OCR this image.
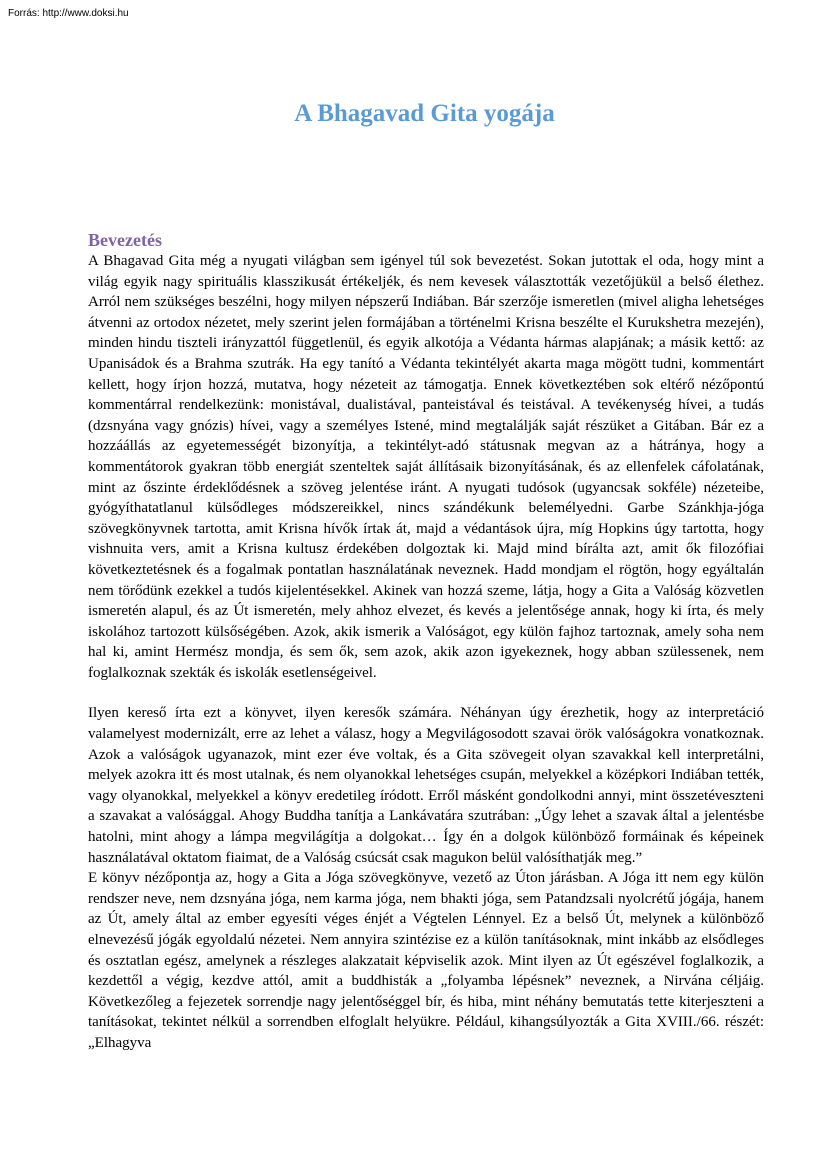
Forrás: http://www.doksi.hu
A Bhagavad Gita yogája
Bevezetés

A Bhagavad Gita még a nyugati világban sem igényel túl sok bevezetést. Sokan jutottak el oda, hogy mint a világ egyik nagy spirituális klasszikusát értékeljék, és nem kevesek választották vezetőjükül a belső élethez. Arról nem szükséges beszélni, hogy milyen népszerű Indiában. Bár szerzője ismeretlen (mivel aligha lehetséges átvenni az ortodox nézetet, mely szerint jelen formájában a történelmi Krisna beszélte el Kurukshetra mezején), minden hindu tiszteli irányzattól függetlenül, és egyik alkotója a Védanta hármas alapjának; a másik kettő: az Upanisádok és a Brahma szutrák. Ha egy tanító a Védanta tekintélyét akarta maga mögött tudni, kommentárt kellett, hogy írjon hozzá, mutatva, hogy nézeteit az támogatja. Ennek következtében sok eltérő nézőpontú kommentárral rendelkezünk: monistával, dualistával, panteistával és teistával. A tevékenység hívei, a tudás (dzsnyána vagy gnózis) hívei, vagy a személyes Istené, mind megtalálják saját részüket a Gitában. Bár ez a hozzáállás az egyetemességét bizonyítja, a tekintélyt-adó státusnak megvan az a hátránya, hogy a kommentátorok gyakran több energiát szenteltek saját állításaik bizonyításának, és az ellenfelek cáfolatának, mint az őszinte érdeklődésnek a szöveg jelentése iránt. A nyugati tudósok (ugyancsak sokféle) nézeteibe, gyógyíthatatlanul külsődleges módszereikkel, nincs szándékunk belemélyedni. Garbe Szánkhja-jóga szövegkönyvnek tartotta, amit Krisna hívők írtak át, majd a védantások újra, míg Hopkins úgy tartotta, hogy vishnuita vers, amit a Krisna kultusz érdekében dolgoztak ki. Majd mind bírálta azt, amit ők filozófiai következtetésnek és a fogalmak pontatlan használatának neveznek. Hadd mondjam el rögtön, hogy egyáltalán nem törődünk ezekkel a tudós kijelentésekkel. Akinek van hozzá szeme, látja, hogy a Gita a Valóság közvetlen ismeretén alapul, és az Út ismeretén, mely ahhoz elvezet, és kevés a jelentősége annak, hogy ki írta, és mely iskolához tartozott külsőségében. Azok, akik ismerik a Valóságot, egy külön fajhoz tartoznak, amely soha nem hal ki, amint Hermész mondja, és sem ők, sem azok, akik azon igyekeznek, hogy abban szülessenek, nem foglalkoznak szekták és iskolák esetlenségeivel.

Ilyen kereső írta ezt a könyvet, ilyen keresők számára. Néhányan úgy érezhetik, hogy az interpretáció valamelyest modernizált, erre az lehet a válasz, hogy a Megvilágosodott szavai örök valóságokra vonatkoznak. Azok a valóságok ugyanazok, mint ezer éve voltak, és a Gita szövegeit olyan szavakkal kell interpretálni, melyek azokra itt és most utalnak, és nem olyanokkal lehetséges csupán, melyekkel a középkori Indiában tették, vagy olyanokkal, melyekkel a könyv eredetileg íródott. Erről másként gondolkodni annyi, mint összetéveszteni a szavakat a valósággal. Ahogy Buddha tanítja a Lankávatára szutrában: „Úgy lehet a szavak által a jelentésbe hatolni, mint ahogy a lámpa megvilágítja a dolgokat… Így én a dolgok különböző formáinak és képeinek használatával oktatom fiaimat, de a Valóság csúcsát csak magukon belül valósíthatják meg.”

E könyv nézőpontja az, hogy a Gita a Jóga szövegkönyve, vezető az Úton járásban. A Jóga itt nem egy külön rendszer neve, nem dzsnyána jóga, nem karma jóga, nem bhakti jóga, sem Patandzsali nyolcrétű jógája, hanem az Út, amely által az ember egyesíti véges énjét a Végtelen Lénnyel. Ez a belső Út, melynek a különböző elnevezésű jógák egyoldalú nézetei. Nem annyira szintézise ez a külön tanításoknak, mint inkább az elsődleges és osztatlan egész, amelynek a részleges alakzatait képviselik azok. Mint ilyen az Út egészével foglalkozik, a kezdettől a végig, kezdve attól, amit a buddhisták a „folyamba lépésnek” neveznek, a Nirvána céljáig. Következőleg a fejezetek sorrendje nagy jelentőséggel bír, és hiba, mint néhány bemutatás tette kiterjeszteni a tanításokat, tekintet nélkül a sorrendben elfoglalt helyükre. Például, kihangsúlyozták a Gita XVIII./66. részét: „Elhagyva
